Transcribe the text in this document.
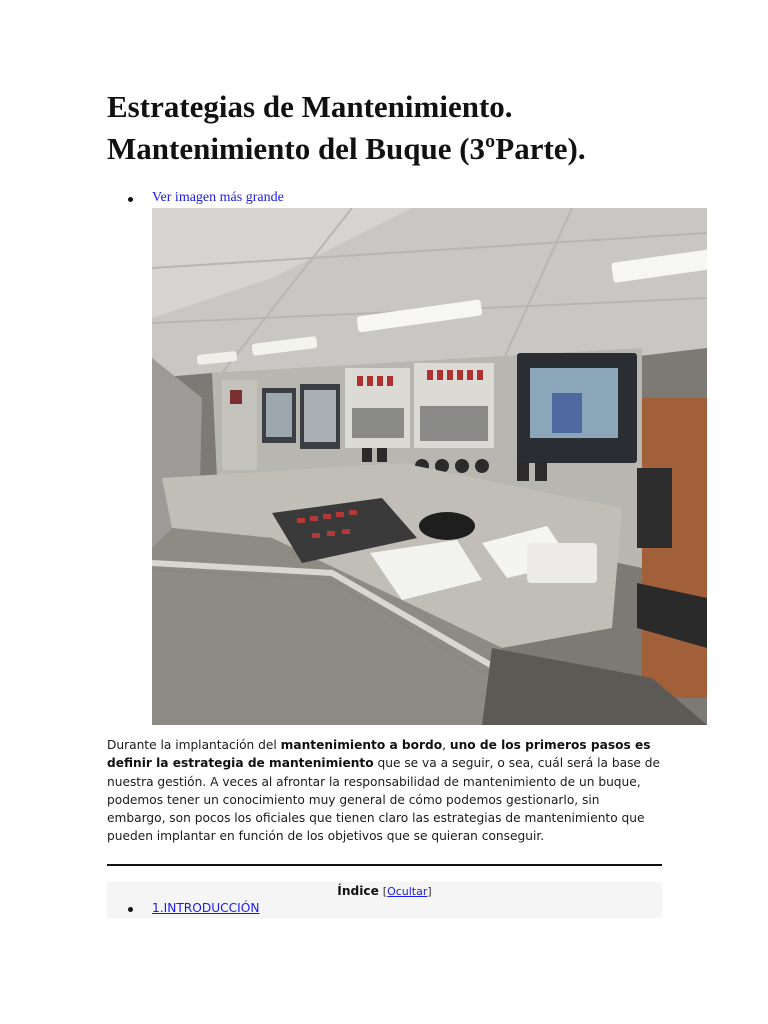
Estrategias de Mantenimiento.
Mantenimiento del Buque (3ºParte).
Ver imagen más grande

Durante la implantación del mantenimiento a bordo, uno de los primeros pasos es
definir la estrategia de mantenimiento que se va a seguir, o sea, cuál será la base de
nuestra gestión. A veces al afrontar la responsabilidad de mantenimiento de un buque,
podemos tener un conocimiento muy general de cómo podemos gestionarlo, sin
embargo, son pocos los oficiales que tienen claro las estrategias de mantenimiento que
pueden implantar en función de los objetivos que se quieran conseguir.

Índice [Ocultar]
1.INTRODUCCIÓN
